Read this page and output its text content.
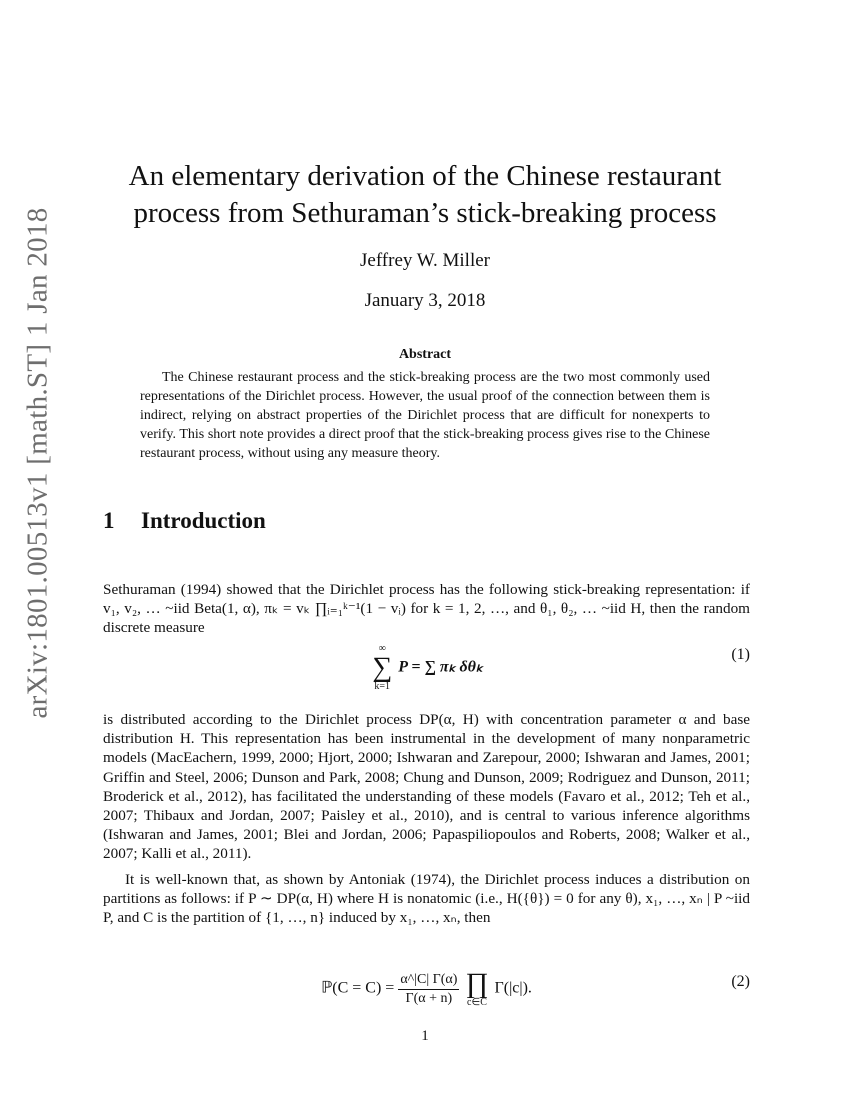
arXiv:1801.00513v1 [math.ST] 1 Jan 2018
An elementary derivation of the Chinese restaurant
process from Sethuraman’s stick-breaking process
Jeffrey W. Miller
January 3, 2018
Abstract

The Chinese restaurant process and the stick-breaking process are the two most commonly used representations of the Dirichlet process. However, the usual proof of the connection between them is indirect, relying on abstract properties of the Dirichlet process that are difficult for nonexperts to verify. This short note provides a direct proof that the stick-breaking process gives rise to the Chinese restaurant process, without using any measure theory.

1 Introduction

Sethuraman (1994) showed that the Dirichlet process has the following stick-breaking representation: if v₁, v₂, … ~iid Beta(1, α), πₖ = vₖ ∏ᵢ₌₁ᵏ⁻¹(1 − vᵢ) for k = 1, 2, …, and θ₁, θ₂, … ~iid H, then the random discrete measure

∞
∑
k=1
P = ∑ πₖ δθₖ
(1)

is distributed according to the Dirichlet process DP(α, H) with concentration parameter α and base distribution H. This representation has been instrumental in the development of many nonparametric models (MacEachern, 1999, 2000; Hjort, 2000; Ishwaran and Zarepour, 2000; Ishwaran and James, 2001; Griffin and Steel, 2006; Dunson and Park, 2008; Chung and Dunson, 2009; Rodriguez and Dunson, 2011; Broderick et al., 2012), has facilitated the understanding of these models (Favaro et al., 2012; Teh et al., 2007; Thibaux and Jordan, 2007; Paisley et al., 2010), and is central to various inference algorithms (Ishwaran and James, 2001; Blei and Jordan, 2006; Papaspiliopoulos and Roberts, 2008; Walker et al., 2007; Kalli et al., 2011).

It is well-known that, as shown by Antoniak (1974), the Dirichlet process induces a distribution on partitions as follows: if P ∼ DP(α, H) where H is nonatomic (i.e., H({θ}) = 0 for any θ), x₁, …, xₙ | P ~iid P, and C is the partition of {1, …, n} induced by x₁, …, xₙ, then

ℙ(C = $C) = \frac{\alpha\^{}|C| \Gamma(\alpha)}{\Gamma(\alpha + n)}$
∏
c∈C
Γ(|c|).	(2)
1
